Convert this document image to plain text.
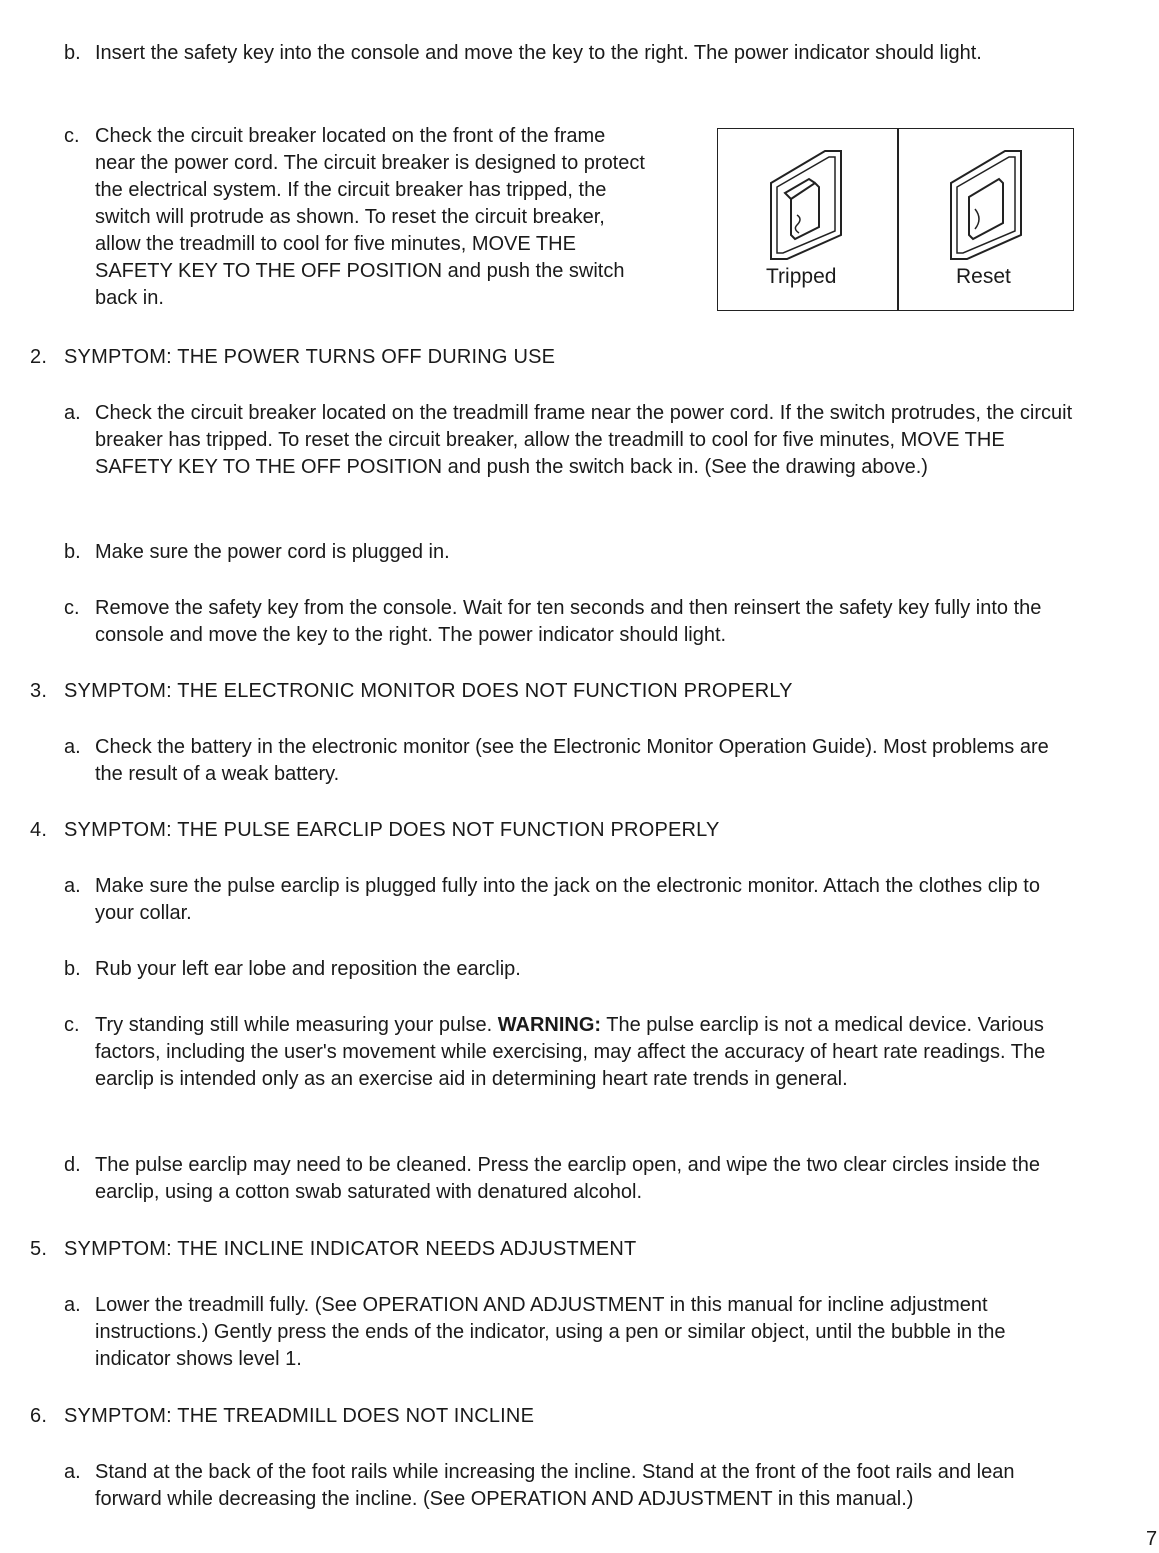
b. Insert the safety key into the console and move the key to the right. The power indicator should light.
c. Check the circuit breaker located on the front of the frame near the power cord. The circuit breaker is designed to protect the electrical system. If the circuit breaker has tripped, the switch will protrude as shown. To reset the circuit breaker, allow the treadmill to cool for five minutes, MOVE THE SAFETY KEY TO THE OFF POSITION and push the switch back in.
Tripped	Reset
2. SYMPTOM: THE POWER TURNS OFF DURING USE
a. Check the circuit breaker located on the treadmill frame near the power cord. If the switch protrudes, the circuit breaker has tripped. To reset the circuit breaker, allow the treadmill to cool for five minutes, MOVE THE SAFETY KEY TO THE OFF POSITION and push the switch back in. (See the drawing above.)
b. Make sure the power cord is plugged in.
c. Remove the safety key from the console. Wait for ten seconds and then reinsert the safety key fully into the console and move the key to the right. The power indicator should light.
3. SYMPTOM: THE ELECTRONIC MONITOR DOES NOT FUNCTION PROPERLY
a. Check the battery in the electronic monitor (see the Electronic Monitor Operation Guide). Most problems are the result of a weak battery.
4. SYMPTOM: THE PULSE EARCLIP DOES NOT FUNCTION PROPERLY
a. Make sure the pulse earclip is plugged fully into the jack on the electronic monitor. Attach the clothes clip to your collar.
b. Rub your left ear lobe and reposition the earclip.
c. Try standing still while measuring your pulse. WARNING: The pulse earclip is not a medical device. Various factors, including the user's movement while exercising, may affect the accuracy of heart rate readings. The earclip is intended only as an exercise aid in determining heart rate trends in general.
d. The pulse earclip may need to be cleaned. Press the earclip open, and wipe the two clear circles inside the earclip, using a cotton swab saturated with denatured alcohol.
5. SYMPTOM: THE INCLINE INDICATOR NEEDS ADJUSTMENT
a. Lower the treadmill fully. (See OPERATION AND ADJUSTMENT in this manual for incline adjustment instructions.) Gently press the ends of the indicator, using a pen or similar object, until the bubble in the indicator shows level 1.
6. SYMPTOM: THE TREADMILL DOES NOT INCLINE
a. Stand at the back of the foot rails while increasing the incline. Stand at the front of the foot rails and lean forward while decreasing the incline. (See OPERATION AND ADJUSTMENT in this manual.)
7
